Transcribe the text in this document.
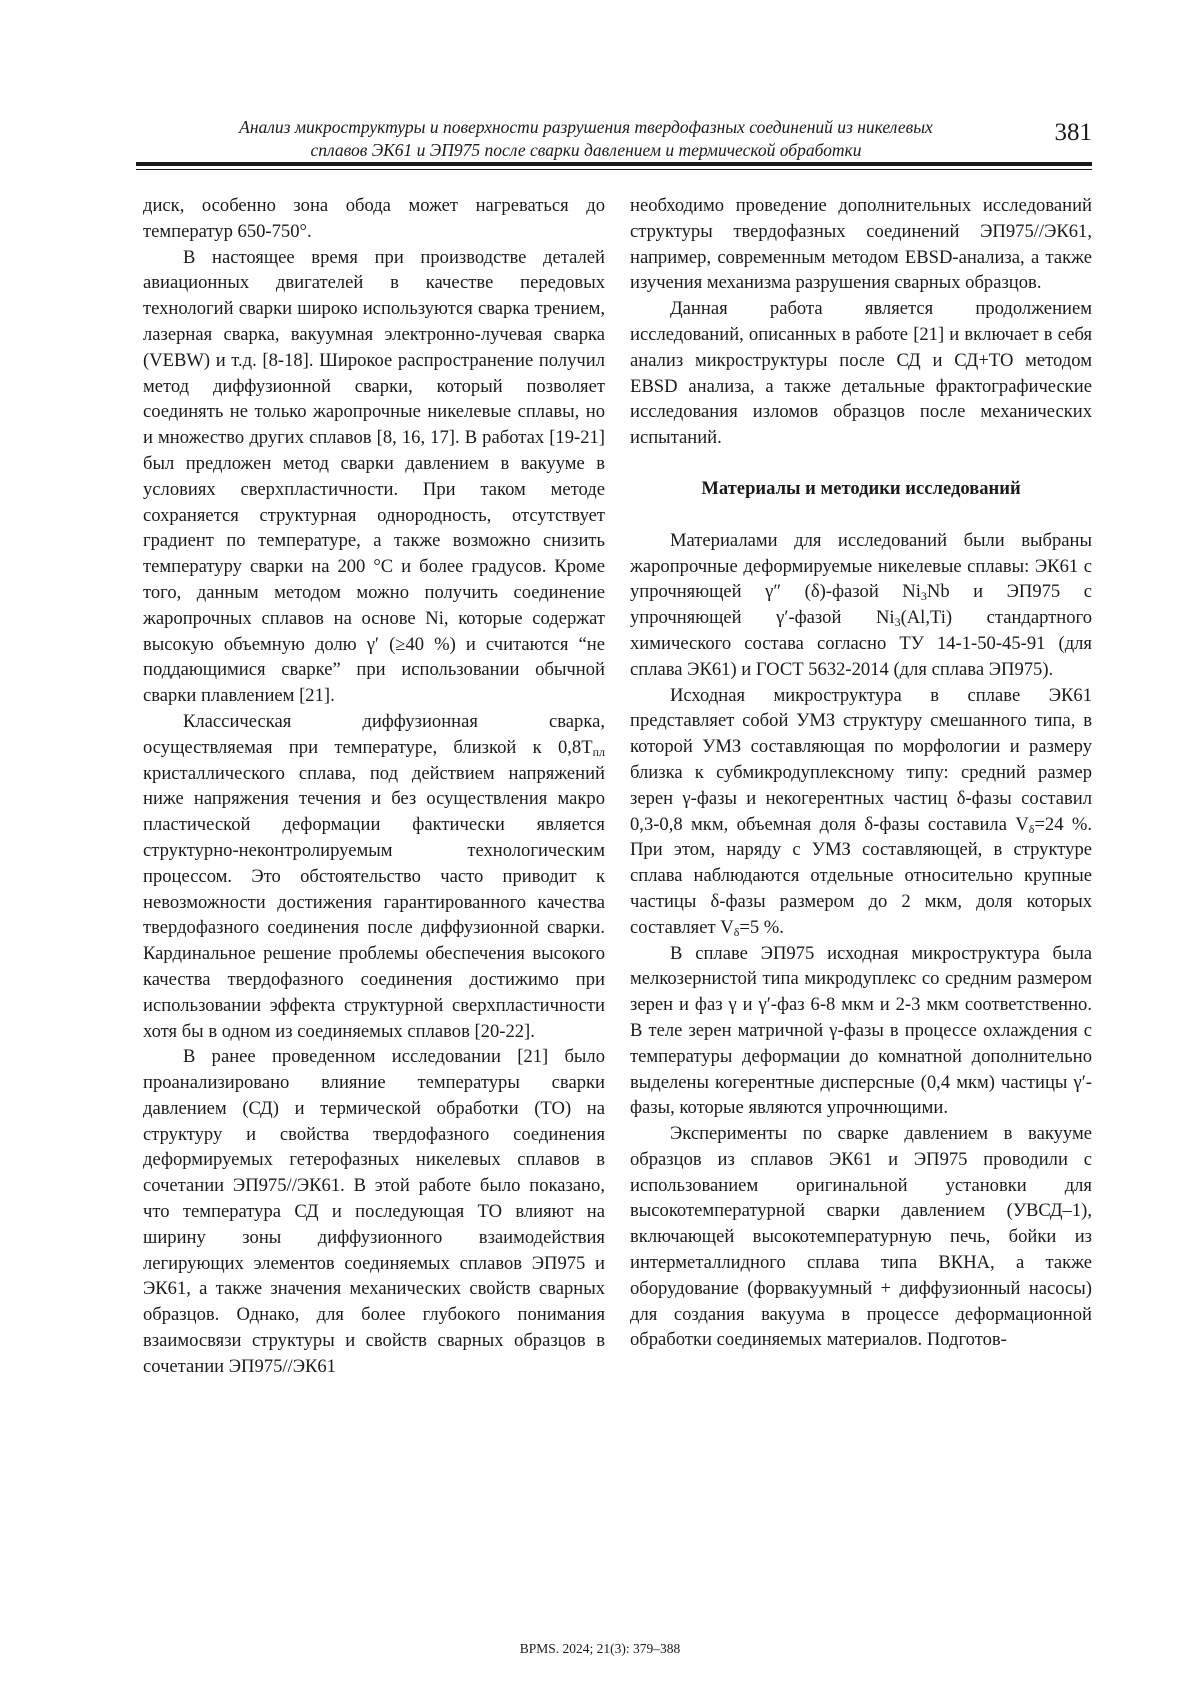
Анализ микроструктуры и поверхности разрушения твердофазных соединений из никелевых
сплавов ЭК61 и ЭП975 после сварки давлением и термической обработки
381

диск, особенно зона обода может нагреваться до температур 650-750°.

В настоящее время при производстве деталей авиационных двигателей в качестве передовых технологий сварки широко используются сварка трением, лазерная сварка, вакуумная электронно-лучевая сварка (VEBW) и т.д. [8-18]. Широкое распространение получил метод диффузионной сварки, который позволяет соединять не только жаропрочные никелевые сплавы, но и множество других сплавов [8, 16, 17]. В работах [19-21] был предложен метод сварки давлением в вакууме в условиях сверхпластичности. При таком методе сохраняется структурная однородность, отсутствует градиент по температуре, а также возможно снизить температуру сварки на 200 °С и более градусов. Кроме того, данным методом можно получить соединение жаропрочных сплавов на основе Ni, которые содержат высокую объемную долю γ′ (≥40 %) и считаются “не поддающимися сварке” при использовании обычной сварки плавлением [21].

Классическая диффузионная сварка, осуществляемая при температуре, близкой к $0,8T_{пл}$ кристаллического сплава, под действием напряжений ниже напряжения течения и без осуществления макро пластической деформации фактически является структурно-неконтролируемым технологическим процессом. Это обстоятельство часто приводит к невозможности достижения гарантированного качества твердофазного соединения после диффузионной сварки. Кардинальное решение проблемы обеспечения высокого качества твердофазного соединения достижимо при использовании эффекта структурной сверхпластичности хотя бы в одном из соединяемых сплавов [20-22].

В ранее проведенном исследовании [21] было проанализировано влияние температуры сварки давлением (СД) и термической обработки (ТО) на структуру и свойства твердофазного соединения деформируемых гетерофазных никелевых сплавов в сочетании ЭП975//ЭК61. В этой работе было показано, что температура СД и последующая ТО влияют на ширину зоны диффузионного взаимодействия легирующих элементов соединяемых сплавов ЭП975 и ЭК61, а также значения механических свойств сварных образцов. Однако, для более глубокого понимания взаимосвязи структуры и свойств сварных образцов в сочетании ЭП975//ЭК61

необходимо проведение дополнительных исследований структуры твердофазных соединений ЭП975//ЭК61, например, современным методом EBSD-анализа, а также изучения механизма разрушения сварных образцов.

Данная работа является продолжением исследований, описанных в работе [21] и включает в себя анализ микроструктуры после СД и СД+ТО методом EBSD анализа, а также детальные фрактографические исследования изломов образцов после механических испытаний.

Материалы и методики исследований

Материалами для исследований были выбраны жаропрочные деформируемые никелевые сплавы: ЭК61 с упрочняющей γ″ (δ)-фазой $Ni_3Nb$ и ЭП975 с упрочняющей γ′-фазой $Ni_3(Al,Ti)$ стандартного химического состава согласно ТУ 14-1-50-45-91 (для сплава ЭК61) и ГОСТ 5632-2014 (для сплава ЭП975).

Исходная микроструктура в сплаве ЭК61 представляет собой УМЗ структуру смешанного типа, в которой УМЗ составляющая по морфологии и размеру близка к субмикродуплексному типу: средний размер зерен γ-фазы и некогерентных частиц δ-фазы составил 0,3-0,8 мкм, объемная доля δ-фазы составила $V_\delta=24$ %. При этом, наряду с УМЗ составляющей, в структуре сплава наблюдаются отдельные относительно крупные частицы δ-фазы размером до 2 мкм, доля которых составляет $V_\delta=5$ %.

В сплаве ЭП975 исходная микроструктура была мелкозернистой типа микродуплекс со средним размером зерен и фаз γ и γ′-фаз 6-8 мкм и 2-3 мкм соответственно. В теле зерен матричной γ-фазы в процессе охлаждения с температуры деформации до комнатной дополнительно выделены когерентные дисперсные (0,4 мкм) частицы γ′-фазы, которые являются упрочнющими.

Эксперименты по сварке давлением в вакууме образцов из сплавов ЭК61 и ЭП975 проводили с использованием оригинальной установки для высокотемпературной сварки давлением (УВСД–1), включающей высокотемпературную печь, бойки из интерметаллидного сплава типа ВКНА, а также оборудование (форвакуумный + диффузионный насосы) для создания вакуума в процессе деформационной обработки соединяемых материалов. Подготов-

BPMS. 2024; 21(3): 379–388
